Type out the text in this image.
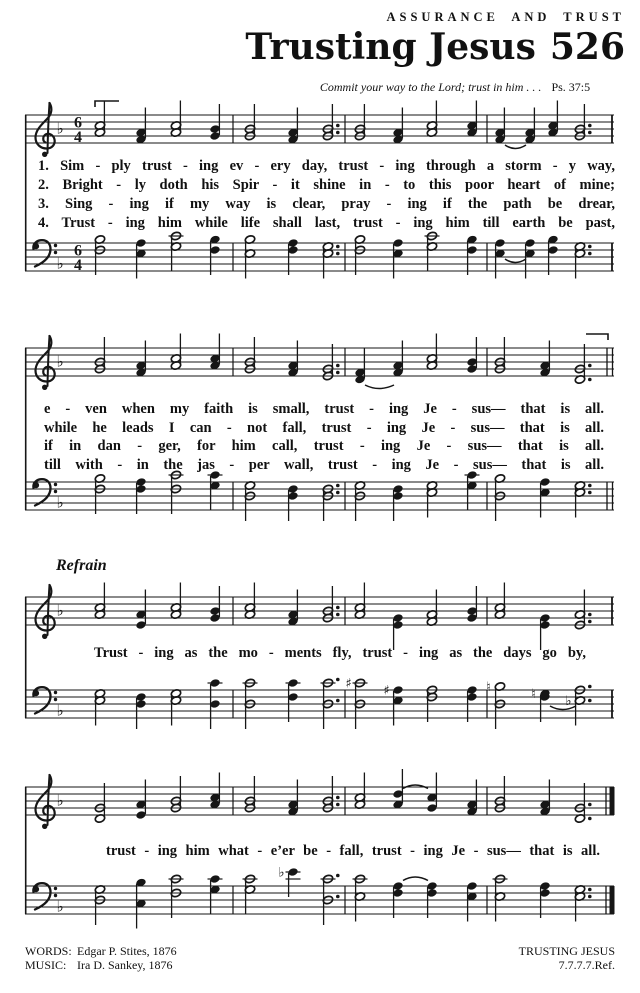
♭ 6
4
♭
6
4
♭
♭
♭
♭
♯ ♯	♮	♮ ♭
♭
♭
♭
ASSURANCE AND TRUST
Trusting Jesus 526
Commit your way to the Lord; trust in him . . . Ps. 37:5
1. Sim - ply trust - ing ev - ery day, trust - ing through a storm - y way,
2. Bright - ly doth his Spir - it shine in - to this poor heart of mine;
3. Sing - ing if my way is clear, pray - ing if the path be drear,
4. Trust - ing him while life shall last, trust - ing him till earth be past,
e - ven when my faith is small, trust - ing Je - sus— that is all.
while he leads I can - not fall, trust - ing Je - sus— that is all.
if in dan - ger, for him call, trust - ing Je - sus— that is all.
till with - in the jas - per wall, trust - ing Je - sus— that is all.
Refrain
Trust - ing as the mo - ments fly, trust - ing as the days go by,
trust - ing him what - e’er be - fall, trust - ing Je - sus— that is all.
WORDS: Edgar P. Stites, 1876
MUSIC: Ira D. Sankey, 1876
TRUSTING JESUS
7.7.7.7.Ref.
